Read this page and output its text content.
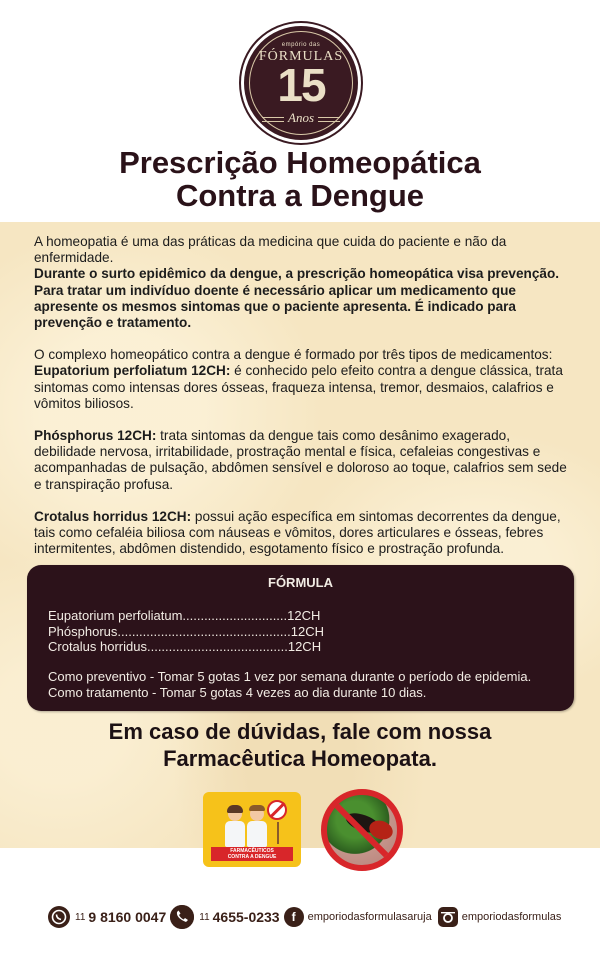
empório das
FÓRMULAS
15
Anos
Prescrição Homeopática
Contra a Dengue

A homeopatia é uma das práticas da medicina que cuida do paciente e não da enfermidade.

Durante o surto epidêmico da dengue, a prescrição homeopática visa prevenção. Para tratar um indivíduo doente é necessário aplicar um medicamento que apresente os mesmos sintomas que o paciente apresenta. É indicado para prevenção e tratamento.

O complexo homeopático contra a dengue é formado por três tipos de medicamentos:

Eupatorium perfoliatum 12CH: é conhecido pelo efeito contra a dengue clássica, trata sintomas como intensas dores ósseas, fraqueza intensa, tremor, desmaios, calafrios e vômitos biliosos.

Phósphorus 12CH: trata sintomas da dengue tais como desânimo exagerado, debilidade nervosa, irritabilidade, prostração mental e física, cefaleias congestivas e acompanhadas de pulsação, abdômen sensível e doloroso ao toque, calafrios sem sede e transpiração profusa.

Crotalus horridus 12CH: possui ação específica em sintomas decorrentes da dengue, tais como cefaléia biliosa com náuseas e vômitos, dores articulares e ósseas, febres intermitentes, abdômen distendido, esgotamento físico e prostração profunda.

FÓRMULA
Eupatorium perfoliatum.............................12CH
Phósphorus................................................12CH
Crotalus horridus.......................................12CH
Como preventivo - Tomar 5 gotas 1 vez por semana durante o período de epidemia.
Como tratamento - Tomar 5 gotas 4 vezes ao dia durante 10 dias.
Em caso de dúvidas, fale com nossa
Farmacêutica Homeopata.
FARMACÊUTICOS
CONTRA A DENGUE
11 9 8160 0047	11 4655-0233	f	emporiodasformulasaruja	emporiodasformulas
